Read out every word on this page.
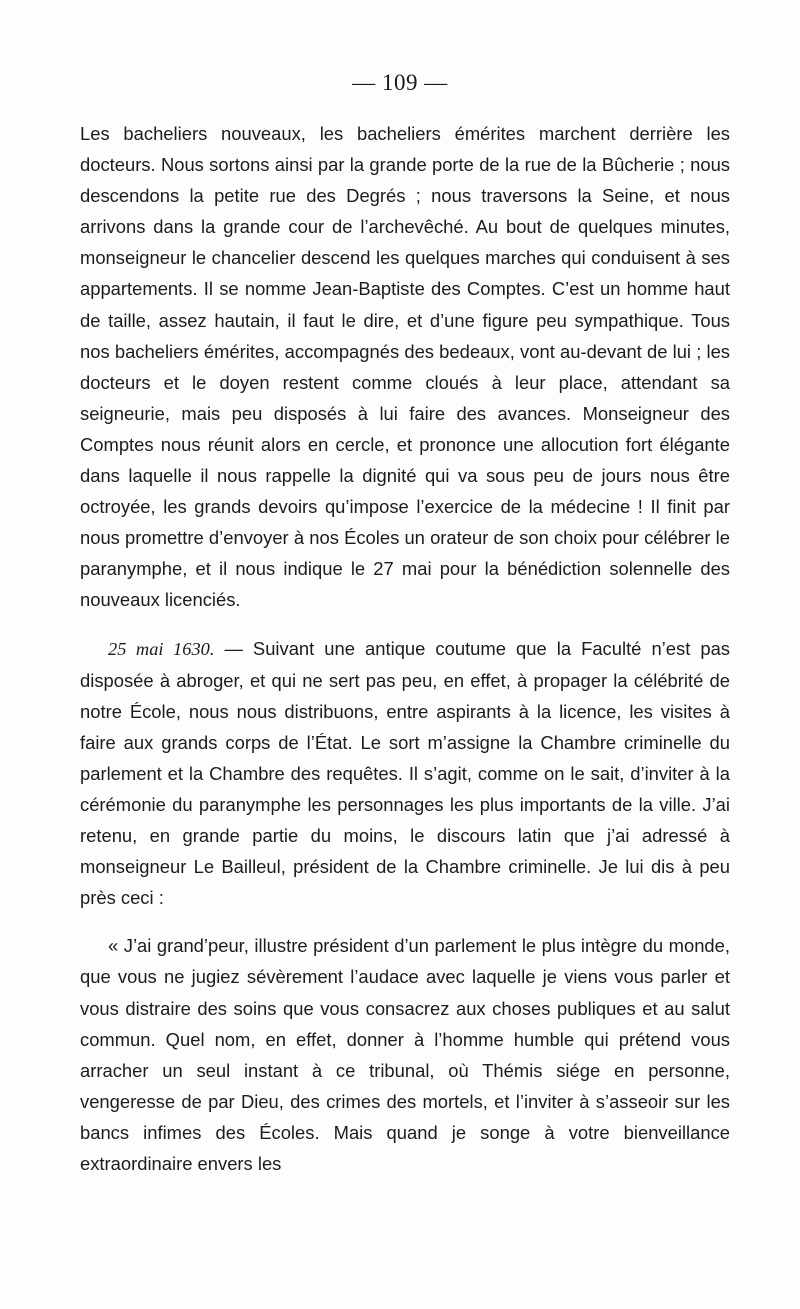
— 109 —

Les bacheliers nouveaux, les bacheliers émérites marchent derrière les docteurs. Nous sortons ainsi par la grande porte de la rue de la Bûcherie ; nous descendons la petite rue des Degrés ; nous traversons la Seine, et nous arrivons dans la grande cour de l’archevêché. Au bout de quelques minutes, monseigneur le chancelier descend les quelques marches qui conduisent à ses appartements. Il se nomme Jean-Baptiste des Comptes. C’est un homme haut de taille, assez hautain, il faut le dire, et d’une figure peu sympathique. Tous nos bacheliers émérites, accompagnés des bedeaux, vont au-devant de lui ; les docteurs et le doyen restent comme cloués à leur place, attendant sa seigneurie, mais peu disposés à lui faire des avances. Monseigneur des Comptes nous réunit alors en cercle, et prononce une allocution fort élégante dans laquelle il nous rappelle la dignité qui va sous peu de jours nous être octroyée, les grands devoirs qu’impose l’exercice de la médecine ! Il finit par nous promettre d’envoyer à nos Écoles un orateur de son choix pour célébrer le paranymphe, et il nous indique le 27 mai pour la bénédiction solennelle des nouveaux licenciés.

25 mai 1630. — Suivant une antique coutume que la Faculté n’est pas disposée à abroger, et qui ne sert pas peu, en effet, à propager la célébrité de notre École, nous nous distribuons, entre aspirants à la licence, les visites à faire aux grands corps de l’État. Le sort m’assigne la Chambre criminelle du parlement et la Chambre des requêtes. Il s’agit, comme on le sait, d’inviter à la cérémonie du paranymphe les personnages les plus importants de la ville. J’ai retenu, en grande partie du moins, le discours latin que j’ai adressé à monseigneur Le Bailleul, président de la Chambre criminelle. Je lui dis à peu près ceci :

« J’ai grand’peur, illustre président d’un parlement le plus intègre du monde, que vous ne jugiez sévèrement l’audace avec laquelle je viens vous parler et vous distraire des soins que vous consacrez aux choses publiques et au salut commun. Quel nom, en effet, donner à l’homme humble qui prétend vous arracher un seul instant à ce tribunal, où Thémis siége en personne, vengeresse de par Dieu, des crimes des mortels, et l’inviter à s’asseoir sur les bancs infimes des Écoles. Mais quand je songe à votre bienveillance extraordinaire envers les
